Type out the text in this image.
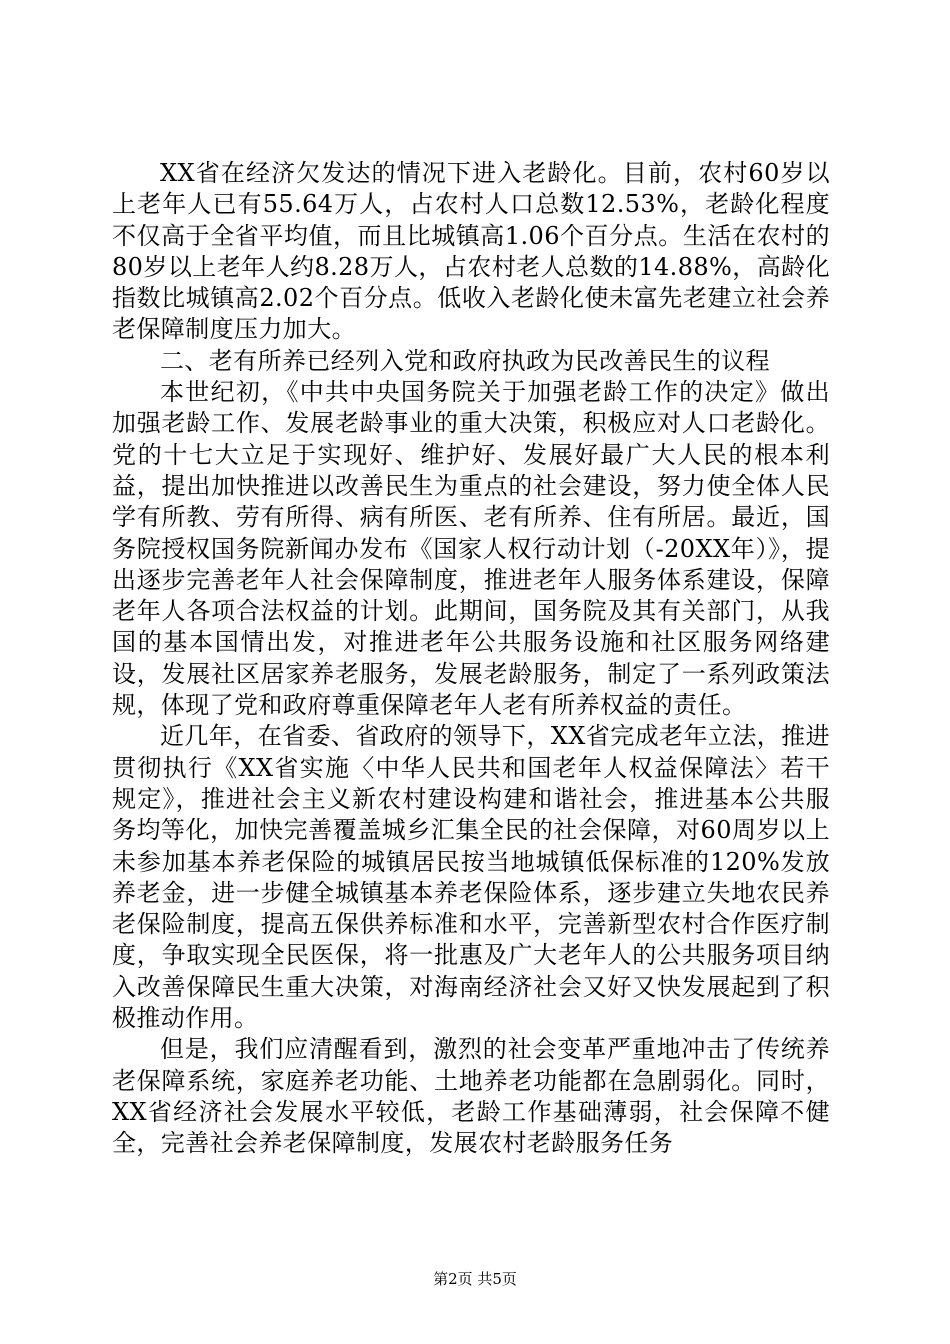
XX省在经济欠发达的情况下进入老龄化。目前，农村60岁以上老年人已有55.64万人，占农村人口总数12.53%，老龄化程度不仅高于全省平均值，而且比城镇高1.06个百分点。生活在农村的80岁以上老年人约8.28万人，占农村老人总数的14.88%，高龄化指数比城镇高2.02个百分点。低收入老龄化使未富先老建立社会养老保障制度压力加大。

二、老有所养已经列入党和政府执政为民改善民生的议程

本世纪初，《中共中央国务院关于加强老龄工作的决定》做出加强老龄工作、发展老龄事业的重大决策，积极应对人口老龄化。党的十七大立足于实现好、维护好、发展好最广大人民的根本利益，提出加快推进以改善民生为重点的社会建设，努力使全体人民学有所教、劳有所得、病有所医、老有所养、住有所居。最近，国务院授权国务院新闻办发布《国家人权行动计划（-20XX年）》，提出逐步完善老年人社会保障制度，推进老年人服务体系建设，保障老年人各项合法权益的计划。此期间，国务院及其有关部门，从我国的基本国情出发，对推进老年公共服务设施和社区服务网络建设，发展社区居家养老服务，发展老龄服务，制定了一系列政策法规，体现了党和政府尊重保障老年人老有所养权益的责任。

近几年，在省委、省政府的领导下，XX省完成老年立法，推进贯彻执行《XX省实施〈中华人民共和国老年人权益保障法〉若干规定》，推进社会主义新农村建设构建和谐社会，推进基本公共服务均等化，加快完善覆盖城乡汇集全民的社会保障，对60周岁以上未参加基本养老保险的城镇居民按当地城镇低保标准的120%发放养老金，进一步健全城镇基本养老保险体系，逐步建立失地农民养老保险制度，提高五保供养标准和水平，完善新型农村合作医疗制度，争取实现全民医保，将一批惠及广大老年人的公共服务项目纳入改善保障民生重大决策，对海南经济社会又好又快发展起到了积极推动作用。

但是，我们应清醒看到，激烈的社会变革严重地冲击了传统养老保障系统，家庭养老功能、土地养老功能都在急剧弱化。同时，XX省经济社会发展水平较低，老龄工作基础薄弱，社会保障不健全，完善社会养老保障制度，发展农村老龄服务任务

第2页 共5页
